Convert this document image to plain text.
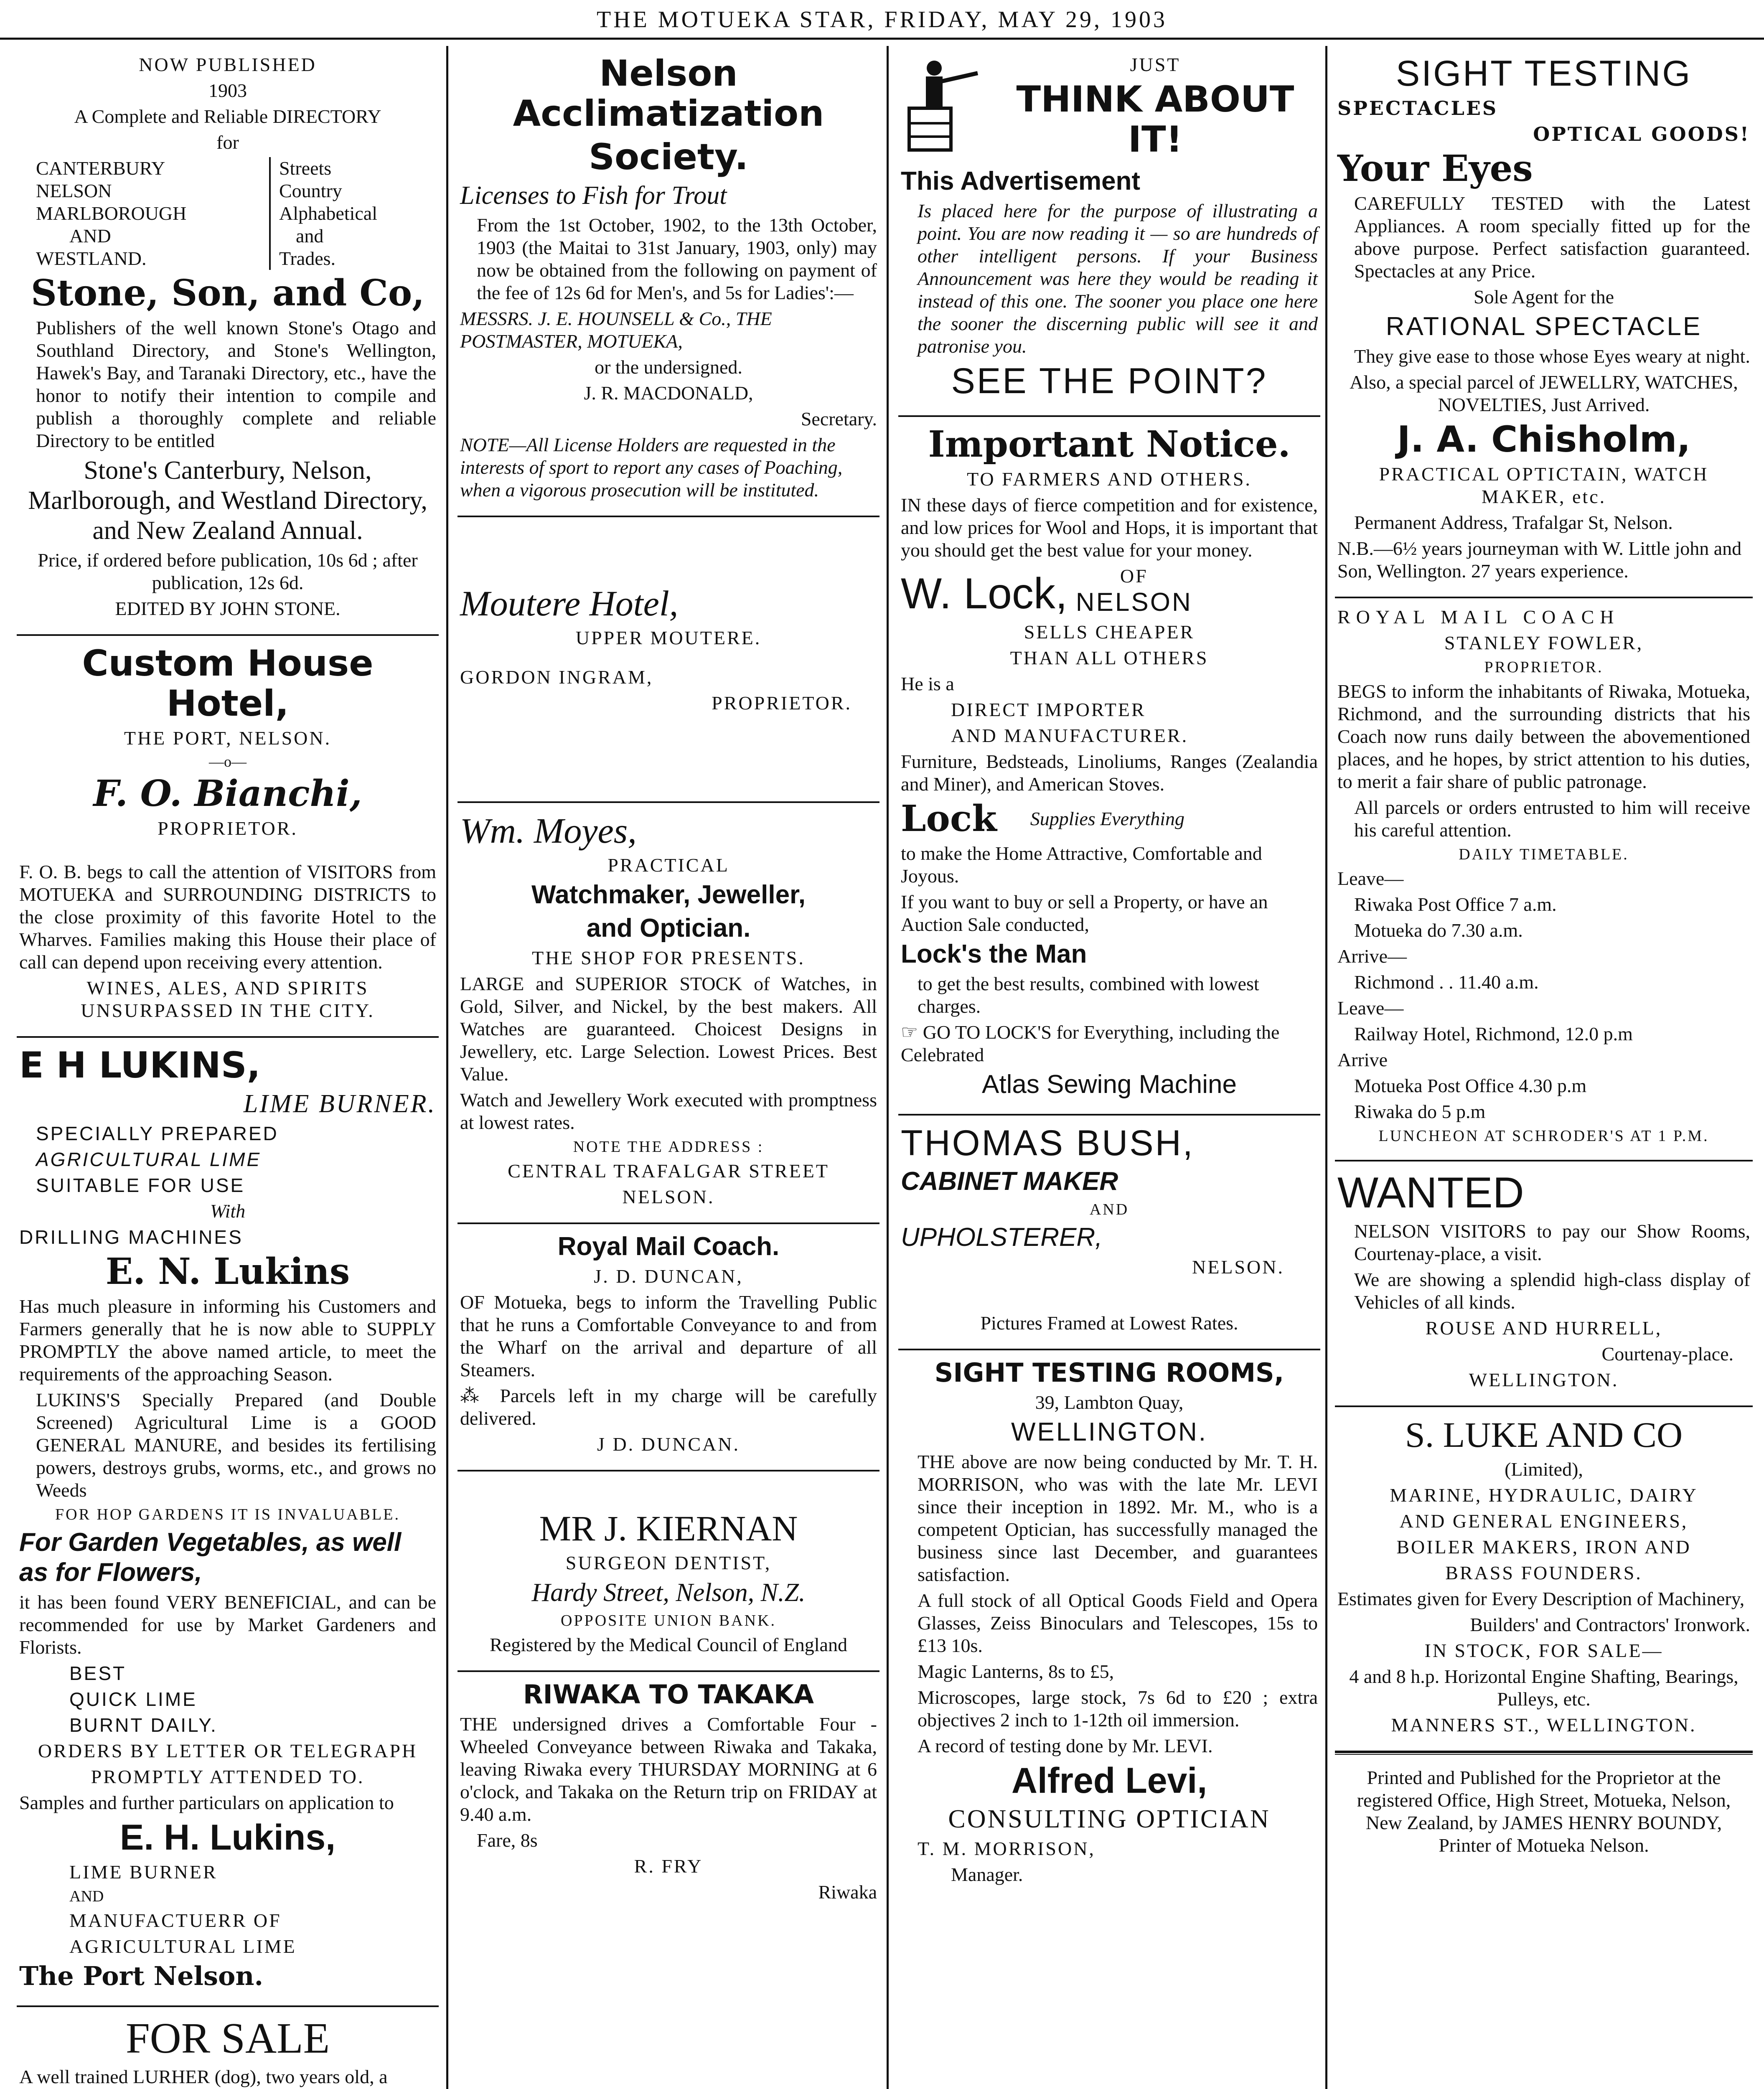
THE MOTUEKA STAR, FRIDAY, MAY 29, 1903

NOW PUBLISHED

1903

A Complete and Reliable DIRECTORY

for

CANTERBURY
NELSON
MARLBOROUGH
AND
WESTLAND.
Streets
Country
Alphabetical
and
Trades.

Stone, Son, and Co,

Publishers of the well known Stone's Otago and Southland Directory, and Stone's Wellington, Hawek's Bay, and Taranaki Directory, etc., have the honor to notify their intention to compile and publish a thoroughly complete and reliable Directory to be entitled

Stone's Canterbury, Nelson, Marlborough, and Westland Directory, and New Zealand Annual.

Price, if ordered before publication, 10s 6d ; after publication, 12s 6d.

EDITED BY JOHN STONE.

Custom House Hotel,

THE PORT, NELSON.

—o—

F. O. Bianchi,

PROPRIETOR.

F. O. B. begs to call the attention of VISITORS from MOTUEKA and SURROUNDING DISTRICTS to the close proximity of this favorite Hotel to the Wharves. Families making this House their place of call can depend upon receiving every attention.

WINES, ALES, AND SPIRITS UNSURPASSED IN THE CITY.

E H LUKINS,

LIME BURNER.

SPECIALLY PREPARED

AGRICULTURAL LIME

SUITABLE FOR USE

With

DRILLING MACHINES

E. N. Lukins

Has much pleasure in informing his Customers and Farmers generally that he is now able to SUPPLY PROMPTLY the above named article, to meet the requirements of the approaching Season.

LUKINS'S Specially Prepared (and Double Screened) Agricultural Lime is a GOOD GENERAL MANURE, and besides its fertilising powers, destroys grubs, worms, etc., and grows no Weeds

FOR HOP GARDENS IT IS INVALUABLE.

For Garden Vegetables, as well as for Flowers,

it has been found VERY BENEFICIAL, and can be recommended for use by Market Gardeners and Florists.

BEST

QUICK LIME

BURNT DAILY.

ORDERS BY LETTER OR TELEGRAPH

PROMPTLY ATTENDED TO.

Samples and further particulars on application to

E. H. Lukins,

LIME BURNER

AND

MANUFACTUERR OF

AGRICULTURAL LIME

The Port Nelson.

FOR SALE

A well trained LURHER (dog), two years old, a

Nelson Acclimatization

Society.

Licenses to Fish for Trout

From the 1st October, 1902, to the 13th October, 1903 (the Maitai to 31st January, 1903, only) may now be obtained from the following on payment of the fee of 12s 6d for Men's, and 5s for Ladies':—

MESSRS. J. E. HOUNSELL & Co., THE POSTMASTER, MOTUEKA,

or the undersigned.

J. R. MACDONALD,

Secretary.

NOTE—All License Holders are requested in the interests of sport to report any cases of Poaching, when a vigorous prosecution will be instituted.

Moutere Hotel,

UPPER MOUTERE.

GORDON INGRAM,

PROPRIETOR.

Wm. Moyes,

PRACTICAL

Watchmaker, Jeweller,

and Optician.

THE SHOP FOR PRESENTS.

LARGE and SUPERIOR STOCK of Watches, in Gold, Silver, and Nickel, by the best makers. All Watches are guaranteed. Choicest Designs in Jewellery, etc. Large Selection. Lowest Prices. Best Value.

Watch and Jewellery Work executed with promptness at lowest rates.

NOTE THE ADDRESS :

CENTRAL TRAFALGAR STREET

NELSON.

Royal Mail Coach.

J. D. DUNCAN,

OF Motueka, begs to inform the Travelling Public that he runs a Comfortable Conveyance to and from the Wharf on the arrival and departure of all Steamers.

⁂ Parcels left in my charge will be carefully delivered.

J D. DUNCAN.

MR J. KIERNAN

SURGEON DENTIST,

Hardy Street, Nelson, N.Z.

OPPOSITE UNION BANK.

Registered by the Medical Council of England

RIWAKA TO TAKAKA

THE undersigned drives a Comfortable Four - Wheeled Conveyance between Riwaka and Takaka, leaving Riwaka every THURSDAY MORNING at 6 o'clock, and Takaka on the Return trip on FRIDAY at 9.40 a.m.

Fare, 8s

R. FRY

Riwaka

JUST

THINK ABOUT IT!

This Advertisement

Is placed here for the purpose of illustrating a point. You are now reading it — so are hundreds of other intelligent persons. If your Business Announcement was here they would be reading it instead of this one. The sooner you place one here the sooner the discerning public will see it and patronise you.

SEE THE POINT?

Important Notice.

TO FARMERS AND OTHERS.

IN these days of fierce competition and for existence, and low prices for Wool and Hops, it is important that you should get the best value for your money.

W. Lock,	OF
NELSON

SELLS CHEAPER

THAN ALL OTHERS

He is a

DIRECT IMPORTER

AND MANUFACTURER.

Furniture, Bedsteads, Linoliums, Ranges (Zealandia and Miner), and American Stoves.

Lock Supplies Everything

to make the Home Attractive, Comfortable and Joyous.

If you want to buy or sell a Property, or have an Auction Sale conducted,

Lock's the Man

to get the best results, combined with lowest charges.

☞ GO TO LOCK'S for Everything, including the Celebrated

Atlas Sewing Machine

THOMAS BUSH,

CABINET MAKER

AND

UPHOLSTERER,

NELSON.

Pictures Framed at Lowest Rates.

SIGHT TESTING ROOMS,

39, Lambton Quay,

WELLINGTON.

THE above are now being conducted by Mr. T. H. MORRISON, who was with the late Mr. LEVI since their inception in 1892. Mr. M., who is a competent Optician, has successfully managed the business since last December, and guarantees satisfaction.

A full stock of all Optical Goods Field and Opera Glasses, Zeiss Binoculars and Telescopes, 15s to £13 10s.

Magic Lanterns, 8s to £5,

Microscopes, large stock, 7s 6d to £20 ; extra objectives 2 inch to 1-12th oil immersion.

A record of testing done by Mr. LEVI.

Alfred Levi,

CONSULTING OPTICIAN

T. M. MORRISON,

Manager.

SIGHT TESTING

SPECTACLES

OPTICAL GOODS!

Your Eyes

CAREFULLY TESTED with the Latest Appliances. A room specially fitted up for the above purpose. Perfect satisfaction guaranteed. Spectacles at any Price.

Sole Agent for the

RATIONAL SPECTACLE

They give ease to those whose Eyes weary at night.

Also, a special parcel of JEWELLRY, WATCHES, NOVELTIES, Just Arrived.

J. A. Chisholm,

PRACTICAL OPTICTAIN, WATCH MAKER, etc.

Permanent Address, Trafalgar St, Nelson.

N.B.—6½ years journeyman with W. Little john and Son, Wellington. 27 years experience.

ROYAL MAIL COACH

STANLEY FOWLER,

PROPRIETOR.

BEGS to inform the inhabitants of Riwaka, Motueka, Richmond, and the surrounding districts that his Coach now runs daily between the abovementioned places, and he hopes, by strict attention to his duties, to merit a fair share of public patronage.

All parcels or orders entrusted to him will receive his careful attention.

DAILY TIMETABLE.

Leave—

Riwaka Post Office 7 a.m.

Motueka do 7.30 a.m.

Arrive—

Richmond . . 11.40 a.m.

Leave—

Railway Hotel, Richmond, 12.0 p.m

Arrive

Motueka Post Office 4.30 p.m

Riwaka do 5 p.m

LUNCHEON AT SCHRODER'S AT 1 P.M.

WANTED

NELSON VISITORS to pay our Show Rooms, Courtenay-place, a visit.

We are showing a splendid high-class display of Vehicles of all kinds.

ROUSE AND HURRELL,

Courtenay-place.

WELLINGTON.

S. LUKE AND CO

(Limited),

MARINE, HYDRAULIC, DAIRY

AND GENERAL ENGINEERS,

BOILER MAKERS, IRON AND

BRASS FOUNDERS.

Estimates given for Every Description of Machinery,

Builders' and Contractors' Ironwork.

IN STOCK, FOR SALE—

4 and 8 h.p. Horizontal Engine Shafting, Bearings, Pulleys, etc.

MANNERS ST., WELLINGTON.

Printed and Published for the Proprietor at the registered Office, High Street, Motueka, Nelson, New Zealand, by JAMES HENRY BOUNDY, Printer of Motueka Nelson.
